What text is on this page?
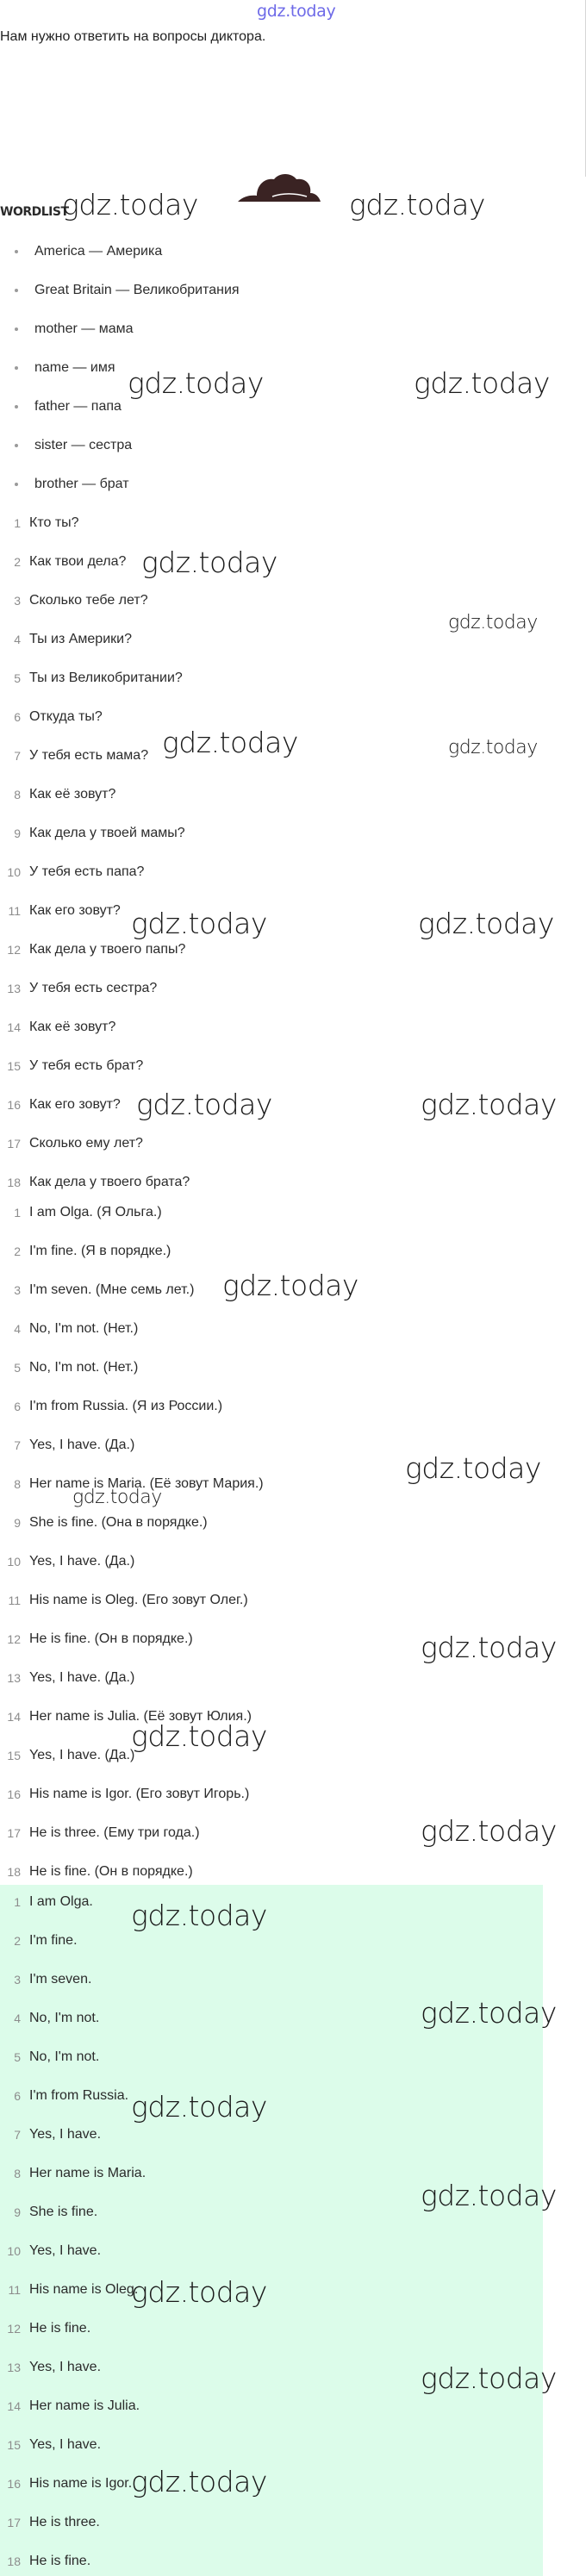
gdz.today
Нам нужно ответить на вопросы диктора.
WORDLIST
America — Америка
Great Britain — Великобритания
mother — мама
name — имя
father — папа
sister — сестра
brother — брат
1 Кто ты?
2 Как твои дела?
3 Сколько тебе лет?
4 Ты из Америки?
5 Ты из Великобритании?
6 Откуда ты?
7 У тебя есть мама?
8 Как её зовут?
9 Как дела у твоей мамы?
10 У тебя есть папа?
11 Как его зовут?
12 Как дела у твоего папы?
13 У тебя есть сестра?
14 Как её зовут?
15 У тебя есть брат?
16 Как его зовут?
17 Сколько ему лет?
18 Как дела у твоего брата?
1 I am Olga. (Я Ольга.)
2 I'm fine. (Я в порядке.)
3 I'm seven. (Мне семь лет.)
4 No, I'm not. (Нет.)
5 No, I'm not. (Нет.)
6 I'm from Russia. (Я из России.)
7 Yes, I have. (Да.)
8 Her name is Maria. (Её зовут Мария.)
9 She is fine. (Она в порядке.)
10 Yes, I have. (Да.)
11 His name is Oleg. (Его зовут Олег.)
12 He is fine. (Он в порядке.)
13 Yes, I have. (Да.)
14 Her name is Julia. (Её зовут Юлия.)
15 Yes, I have. (Да.)
16 His name is Igor. (Его зовут Игорь.)
17 He is three. (Ему три года.)
18 He is fine. (Он в порядке.)
1 I am Olga.
2 I'm fine.
3 I'm seven.
4 No, I'm not.
5 No, I'm not.
6 I'm from Russia.
7 Yes, I have.
8 Her name is Maria.
9 She is fine.
10 Yes, I have.
11 His name is Oleg.
12 He is fine.
13 Yes, I have.
14 Her name is Julia.
15 Yes, I have.
16 His name is Igor.
17 He is three.
18 He is fine.
gdz.today	gdz.today
gdz.today	gdz.today
gdz.today
gdz.today
gdz.today	gdz.today
gdz.today	gdz.today
gdz.today	gdz.today
gdz.today
gdz.today
gdz.today
gdz.today
gdz.today
gdz.today
gdz.today
gdz.today
gdz.today
gdz.today
gdz.today
gdz.today
gdz.today
